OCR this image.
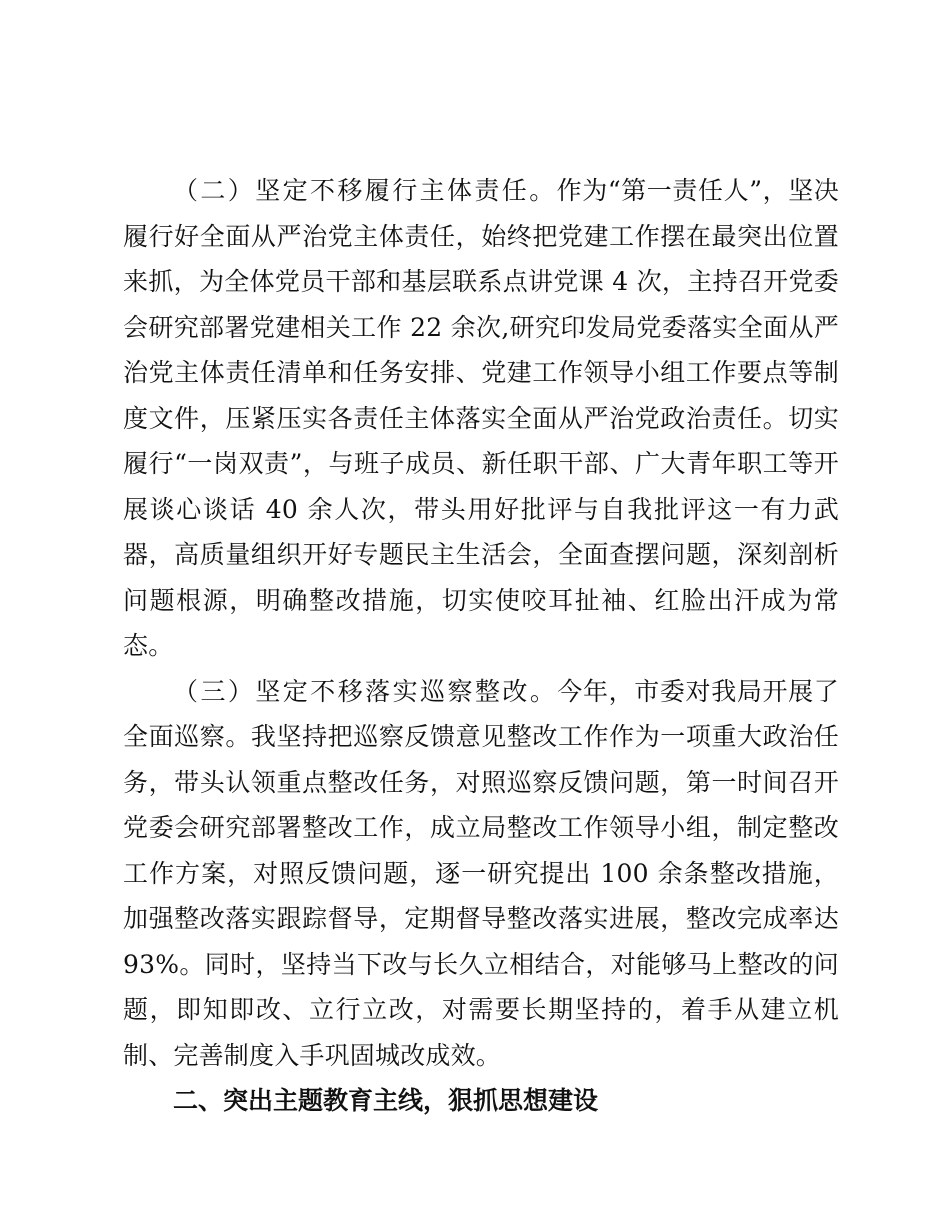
（二）坚定不移履行主体责任。作为“第一责任人”，坚决履行好全面从严治党主体责任，始终把党建工作摆在最突出位置来抓，为全体党员干部和基层联系点讲党课 4 次，主持召开党委会研究部署党建相关工作 22 余次,研究印发局党委落实全面从严治党主体责任清单和任务安排、党建工作领导小组工作要点等制度文件，压紧压实各责任主体落实全面从严治党政治责任。切实履行“一岗双责”，与班子成员、新任职干部、广大青年职工等开展谈心谈话 40 余人次，带头用好批评与自我批评这一有力武器，高质量组织开好专题民主生活会，全面查摆问题，深刻剖析问题根源，明确整改措施，切实使咬耳扯袖、红脸出汗成为常态。

（三）坚定不移落实巡察整改。今年，市委对我局开展了全面巡察。我坚持把巡察反馈意见整改工作作为一项重大政治任务，带头认领重点整改任务，对照巡察反馈问题，第一时间召开党委会研究部署整改工作，成立局整改工作领导小组，制定整改工作方案，对照反馈问题，逐一研究提出 100 余条整改措施，加强整改落实跟踪督导，定期督导整改落实进展，整改完成率达 93%。同时，坚持当下改与长久立相结合，对能够马上整改的问题，即知即改、立行立改，对需要长期坚持的，着手从建立机制、完善制度入手巩固城改成效。

二、突出主题教育主线，狠抓思想建设
